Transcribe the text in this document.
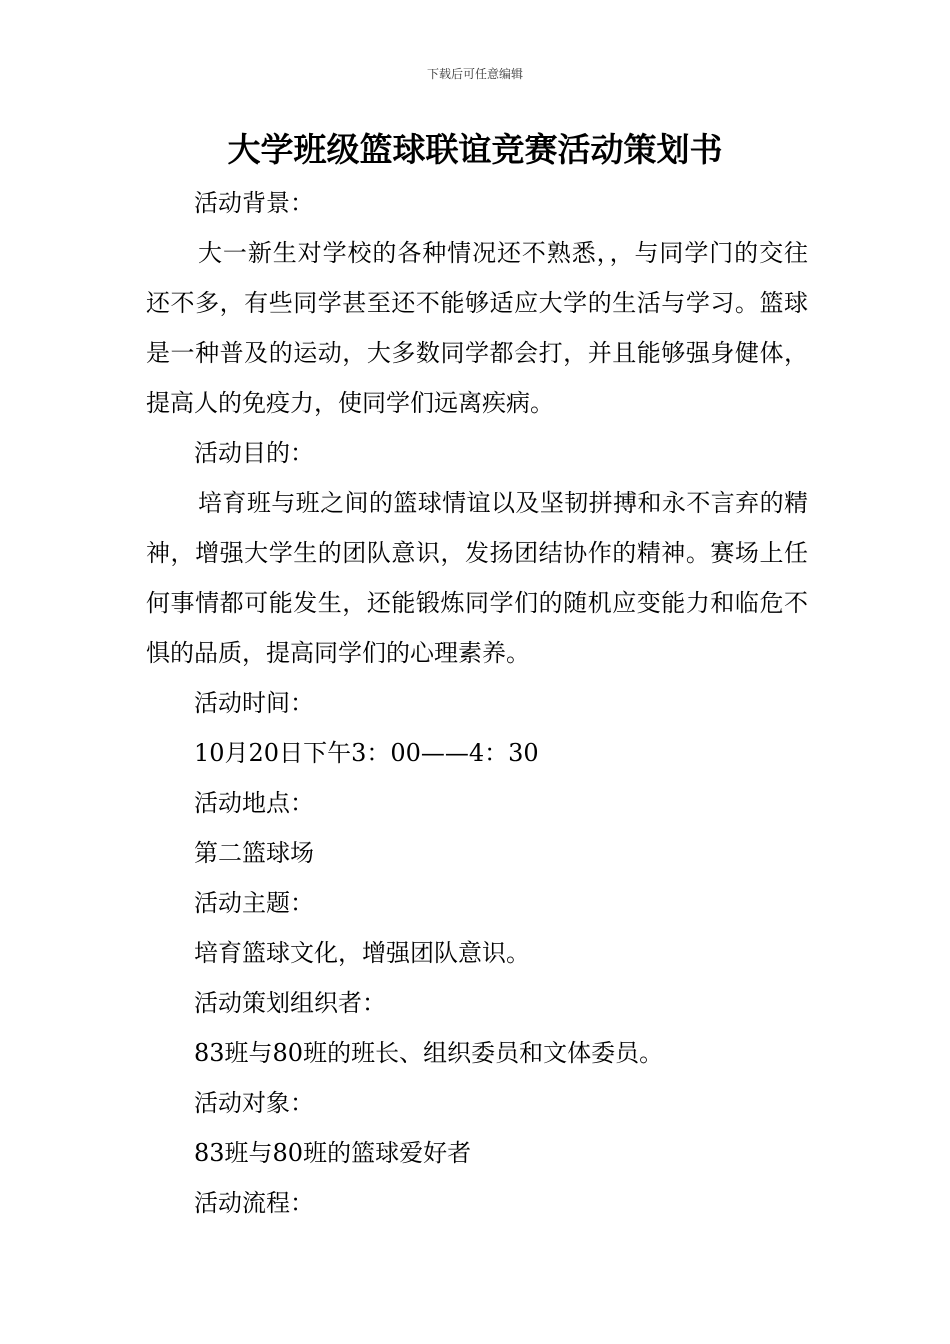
下载后可任意编辑
大学班级篮球联谊竞赛活动策划书
活动背景：
大一新生对学校的各种情况还不熟悉，，与同学门的交往还不多，有些同学甚至还不能够适应大学的生活与学习。篮球是一种普及的运动，大多数同学都会打，并且能够强身健体，提高人的免疫力，使同学们远离疾病。
活动目的：
培育班与班之间的篮球情谊以及坚韧拼搏和永不言弃的精神，增强大学生的团队意识，发扬团结协作的精神。赛场上任何事情都可能发生，还能锻炼同学们的随机应变能力和临危不惧的品质，提高同学们的心理素养。
活动时间：
10月20日下午3：00——4：30
活动地点：
第二篮球场
活动主题：
培育篮球文化，增强团队意识。
活动策划组织者：
83班与80班的班长、组织委员和文体委员。
活动对象：
83班与80班的篮球爱好者
活动流程：
